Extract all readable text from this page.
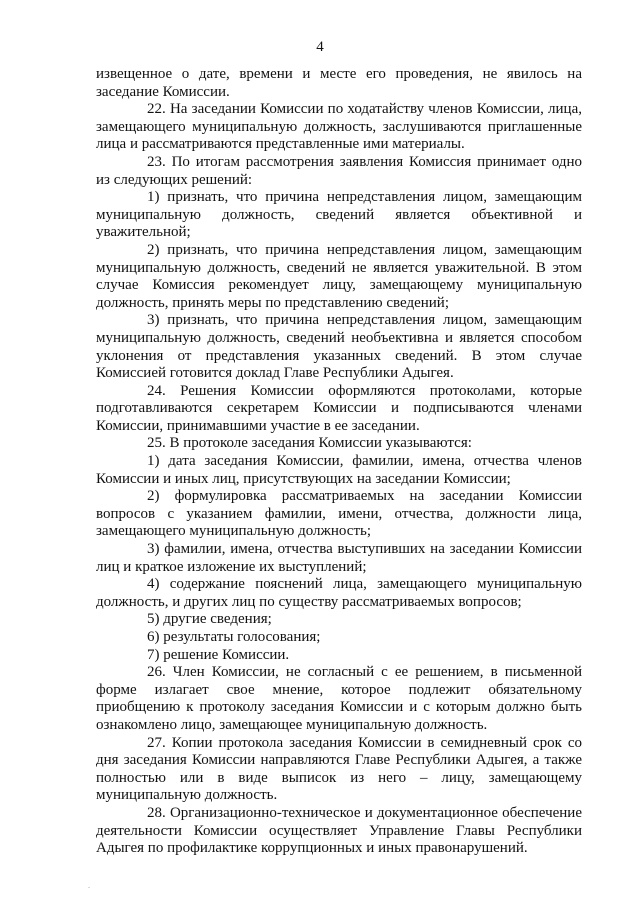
4

извещенное о дате, времени и месте его проведения, не явилось на заседание Комиссии.

22. На заседании Комиссии по ходатайству членов Комиссии, лица, замещающего муниципальную должность, заслушиваются приглашенные лица и рассматриваются представленные ими материалы.

23. По итогам рассмотрения заявления Комиссия принимает одно из следующих решений:

1) признать, что причина непредставления лицом, замещающим муниципальную должность, сведений является объективной и уважительной;

2) признать, что причина непредставления лицом, замещающим муниципальную должность, сведений не является уважительной. В этом случае Комиссия рекомендует лицу, замещающему муниципальную должность, принять меры по представлению сведений;

3) признать, что причина непредставления лицом, замещающим муниципальную должность, сведений необъективна и является способом уклонения от представления указанных сведений. В этом случае Комиссией готовится доклад Главе Республики Адыгея.

24. Решения Комиссии оформляются протоколами, которые подготавливаются секретарем Комиссии и подписываются членами Комиссии, принимавшими участие в ее заседании.

25. В протоколе заседания Комиссии указываются:

1) дата заседания Комиссии, фамилии, имена, отчества членов Комиссии и иных лиц, присутствующих на заседании Комиссии;

2) формулировка рассматриваемых на заседании Комиссии вопросов с указанием фамилии, имени, отчества, должности лица, замещающего муниципальную должность;

3) фамилии, имена, отчества выступивших на заседании Комиссии лиц и краткое изложение их выступлений;

4) содержание пояснений лица, замещающего муниципальную должность, и других лиц по существу рассматриваемых вопросов;

5) другие сведения;

6) результаты голосования;

7) решение Комиссии.

26. Член Комиссии, не согласный с ее решением, в письменной форме излагает свое мнение, которое подлежит обязательному приобщению к протоколу заседания Комиссии и с которым должно быть ознакомлено лицо, замещающее муниципальную должность.

27. Копии протокола заседания Комиссии в семидневный срок со дня заседания Комиссии направляются Главе Республики Адыгея, а также полностью или в виде выписок из него – лицу, замещающему муниципальную должность.

28. Организационно-техническое и документационное обеспечение деятельности Комиссии осуществляет Управление Главы Республики Адыгея по профилактике коррупционных и иных правонарушений.

-
